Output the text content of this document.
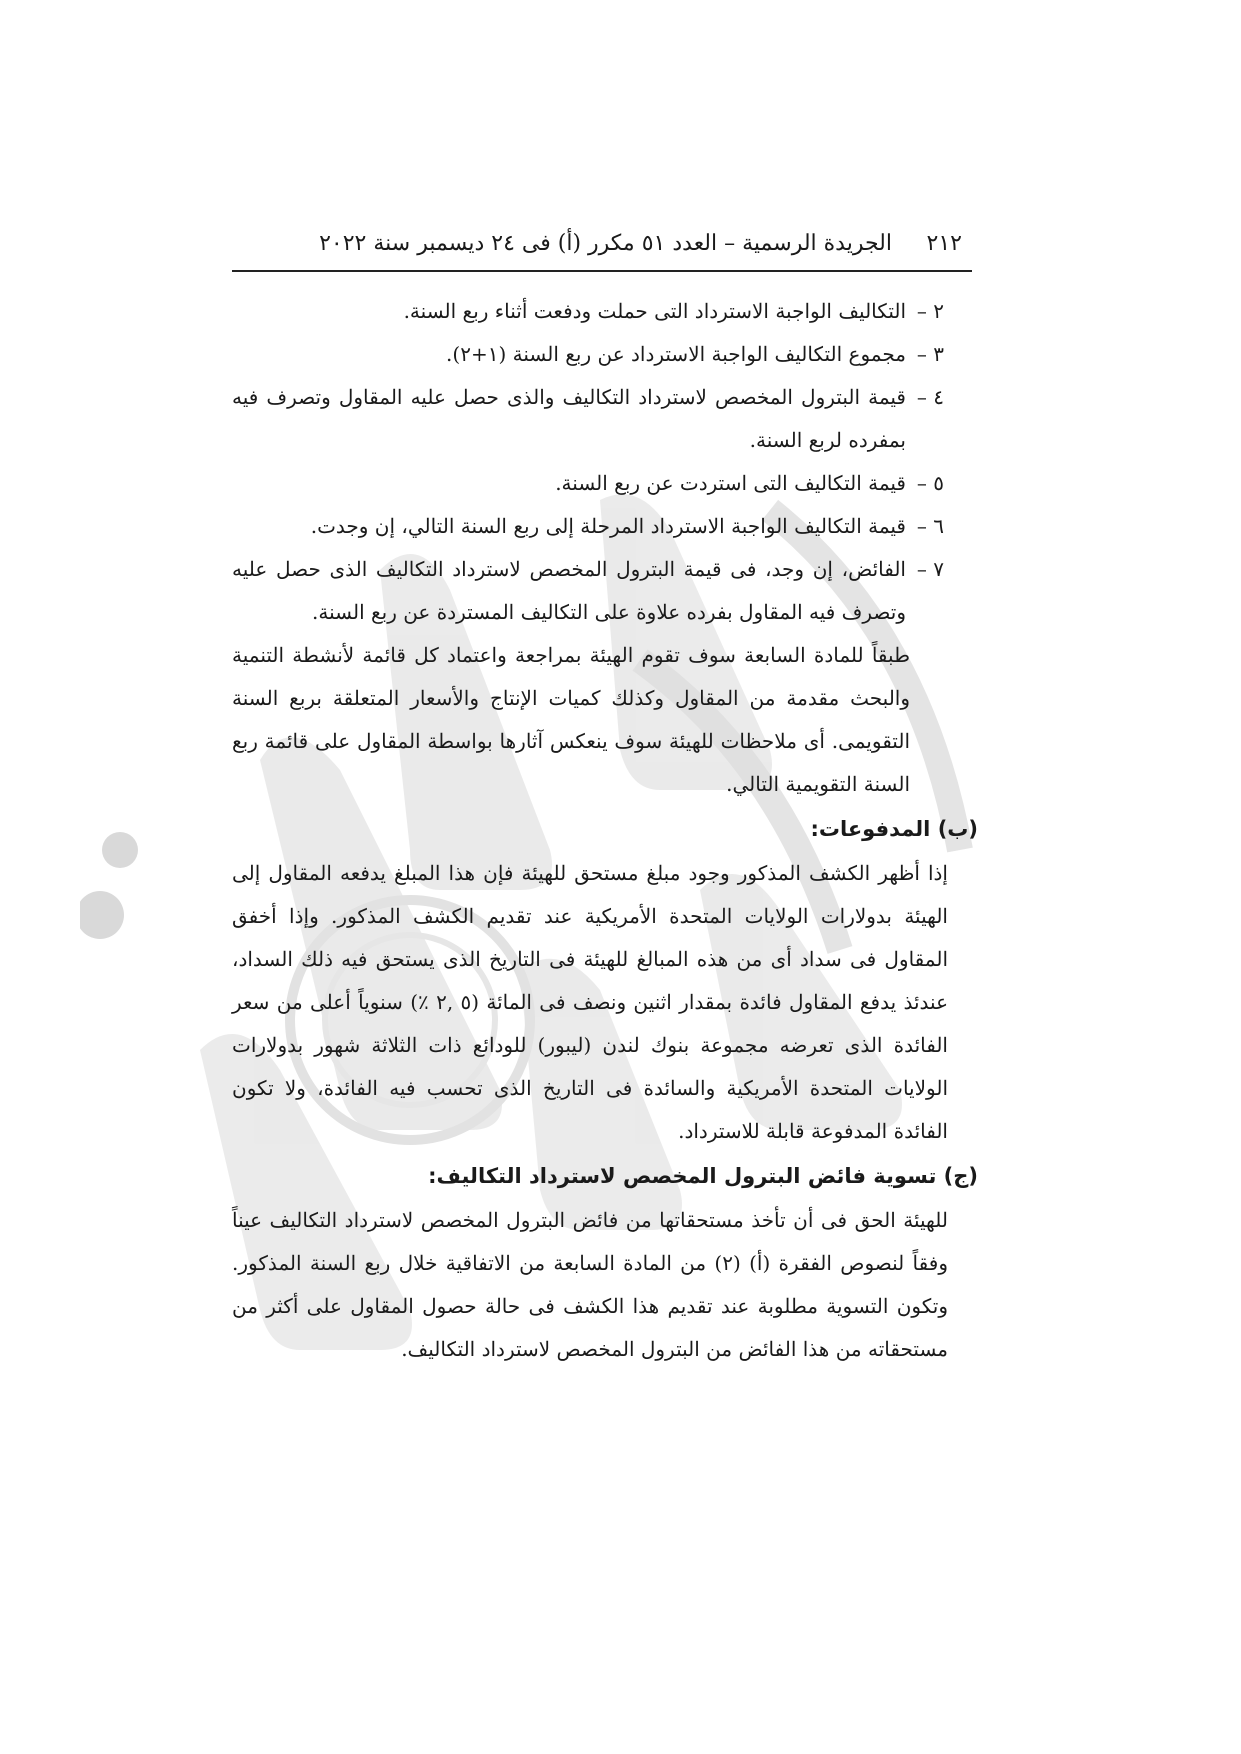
٢١٢
الجريدة الرسمية – العدد ٥١ مكرر (أ) فى ٢٤ ديسمبر سنة ٢٠٢٢
٢ –
التكاليف الواجبة الاسترداد التى حملت ودفعت أثناء ربع السنة.
٣ –
مجموع التكاليف الواجبة الاسترداد عن ربع السنة (١+٢).
٤ –
قيمة البترول المخصص لاسترداد التكاليف والذى حصل عليه المقاول وتصرف فيه بمفرده لربع السنة.
٥ –
قيمة التكاليف التى استردت عن ربع السنة.
٦ –
قيمة التكاليف الواجبة الاسترداد المرحلة إلى ربع السنة التالي، إن وجدت.
٧ –
الفائض، إن وجد، فى قيمة البترول المخصص لاسترداد التكاليف الذى حصل عليه وتصرف فيه المقاول بفرده علاوة على التكاليف المستردة عن ربع السنة.

طبقاً للمادة السابعة سوف تقوم الهيئة بمراجعة واعتماد كل قائمة لأنشطة التنمية والبحث مقدمة من المقاول وكذلك كميات الإنتاج والأسعار المتعلقة بربع السنة التقويمى. أى ملاحظات للهيئة سوف ينعكس آثارها بواسطة المقاول على قائمة ربع السنة التقويمية التالي.

(ب) المدفوعات:

إذا أظهر الكشف المذكور وجود مبلغ مستحق للهيئة فإن هذا المبلغ يدفعه المقاول إلى الهيئة بدولارات الولايات المتحدة الأمريكية عند تقديم الكشف المذكور. وإذا أخفق المقاول فى سداد أى من هذه المبالغ للهيئة فى التاريخ الذى يستحق فيه ذلك السداد، عندئذ يدفع المقاول فائدة بمقدار اثنين ونصف فى المائة (٥ ,٢ ٪) سنوياً أعلى من سعر الفائدة الذى تعرضه مجموعة بنوك لندن (ليبور) للودائع ذات الثلاثة شهور بدولارات الولايات المتحدة الأمريكية والسائدة فى التاريخ الذى تحسب فيه الفائدة، ولا تكون الفائدة المدفوعة قابلة للاسترداد.

(ج) تسوية فائض البترول المخصص لاسترداد التكاليف:

للهيئة الحق فى أن تأخذ مستحقاتها من فائض البترول المخصص لاسترداد التكاليف عيناً وفقاً لنصوص الفقرة (أ) (٢) من المادة السابعة من الاتفاقية خلال ربع السنة المذكور. وتكون التسوية مطلوبة عند تقديم هذا الكشف فى حالة حصول المقاول على أكثر من مستحقاته من هذا الفائض من البترول المخصص لاسترداد التكاليف.
